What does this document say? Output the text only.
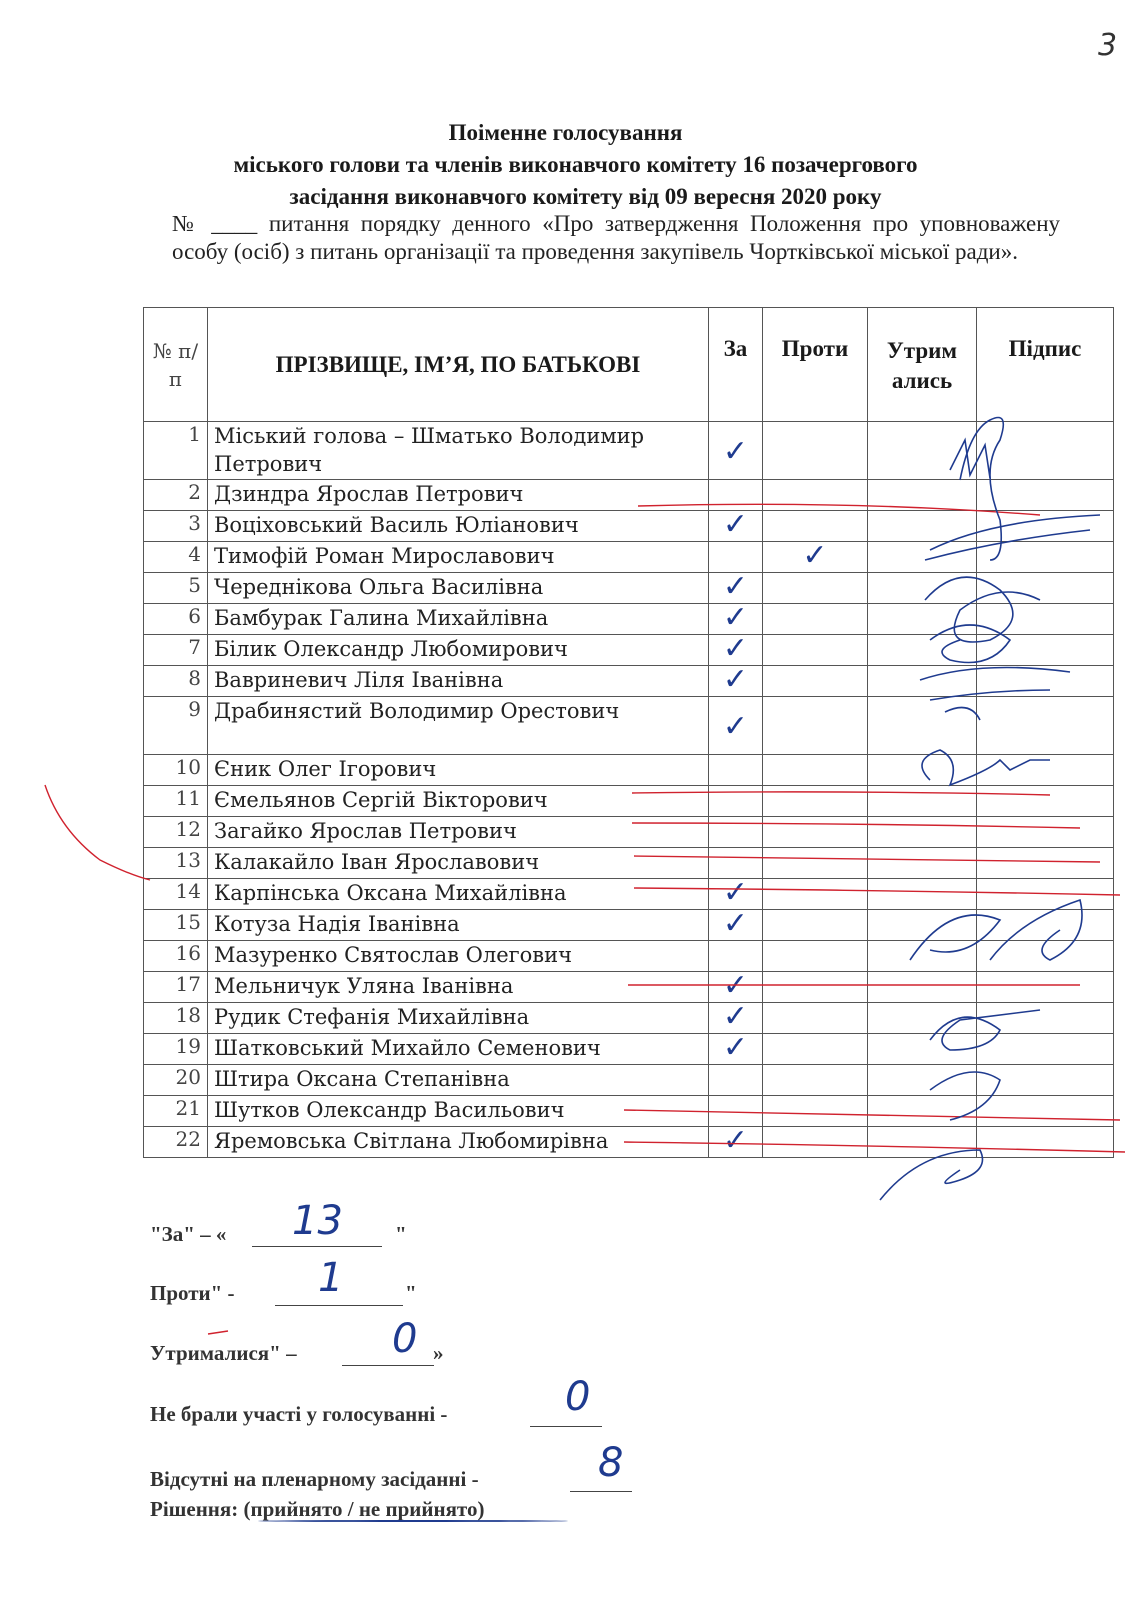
3
Поіменне голосування
міського голови та членів виконавчого комітету 16 позачергового
засідання виконавчого комітету від 09 вересня 2020 року
№ ____ питання порядку денного «Про затвердження Положення про уповноважену особу (осіб) з питань організації та проведення закупівель Чортківської міської ради».
№ п/ п	ПРІЗВИЩЕ, ІМ’Я, ПО БАТЬКОВІ	За	Проти	Утрим ались	Підпис
1	Міський голова – Шматько Володимир Петрович	✓			

2	Дзиндра Ярослав Петрович				
3	Воціховський Василь Юліанович	✓			

4	Тимофій Роман Мирославович		✓		

5	Череднікова Ольга Василівна	✓			

6	Бамбурак Галина Михайлівна	✓			

7	Білик Олександр Любомирович	✓			

8	Вавриневич Ліля Іванівна	✓			

9	Драбинястий Володимир Орестович	✓			

10	Єник Олег Ігорович				
11	Ємельянов Сергій Вікторович				
12	Загайко Ярослав Петрович				
13	Калакайло Іван Ярославович				
14	Карпінська Оксана Михайлівна	✓			

15	Котуза Надія Іванівна	✓			

16	Мазуренко Святослав Олегович				
17	Мельничук Уляна Іванівна	✓			

18	Рудик Стефанія Михайлівна	✓			

19	Шатковський Михайло Семенович	✓			

20	Штира Оксана Степанівна				
21	Шутков Олександр Васильович				
22	Яремовська Світлана Любомирівна	✓			

"За" – «	"
13
Проти" -	"
1
Утрималися" –	»
0
Не брали участі у голосуванні -	0
Відсутні на пленарному засіданні -	8
Рішення: (прийнято / не прийнято)
